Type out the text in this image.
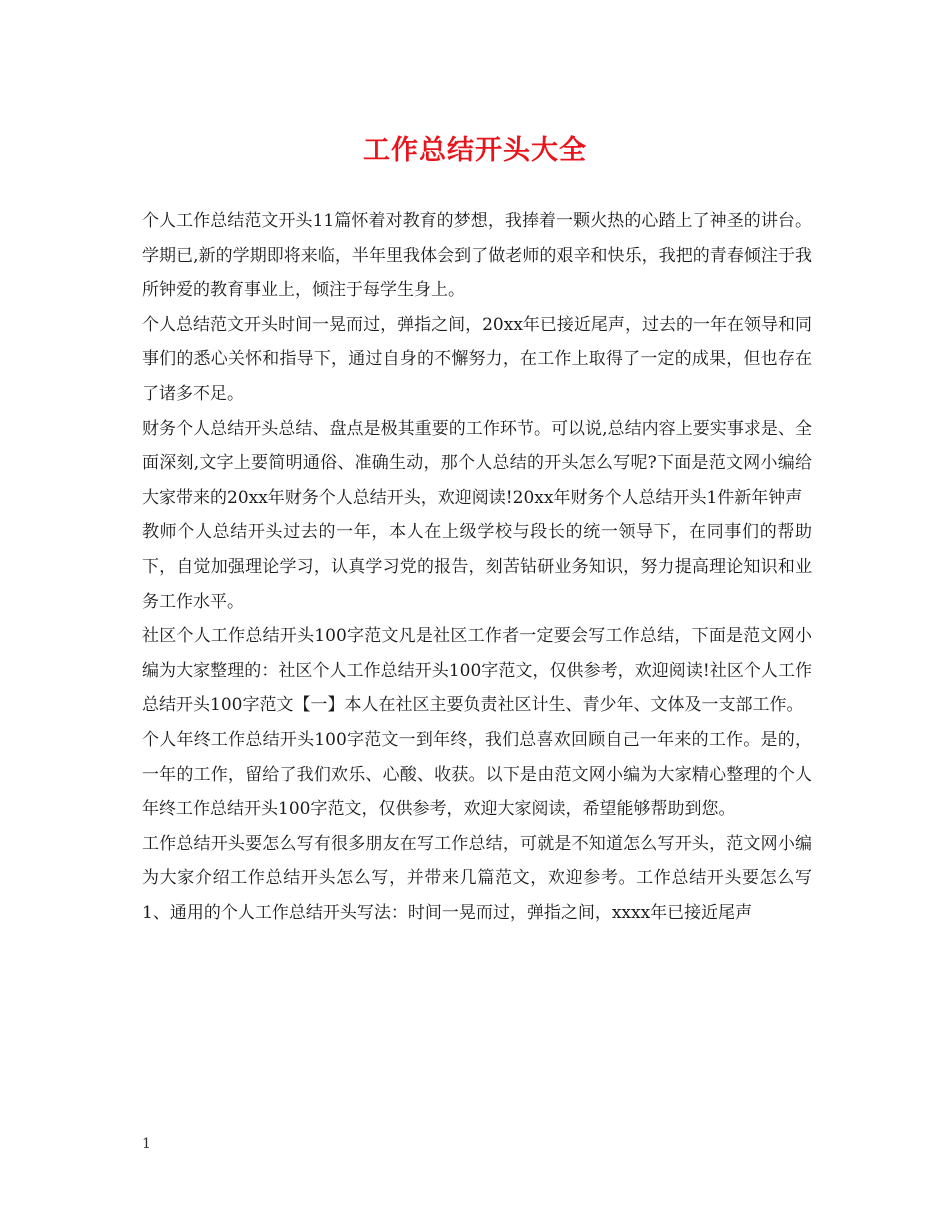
工作总结开头大全

个人工作总结范文开头11篇怀着对教育的梦想，我捧着一颗火热的心踏上了神圣的讲台。学期已,新的学期即将来临，半年里我体会到了做老师的艰辛和快乐，我把的青春倾注于我所钟爱的教育事业上，倾注于每学生身上。

个人总结范文开头时间一晃而过，弹指之间，20xx年已接近尾声，过去的一年在领导和同事们的悉心关怀和指导下，通过自身的不懈努力，在工作上取得了一定的成果，但也存在了诸多不足。

财务个人总结开头总结、盘点是极其重要的工作环节。可以说,总结内容上要实事求是、全面深刻,文字上要简明通俗、准确生动，那个人总结的开头怎么写呢?下面是范文网小编给大家带来的20xx年财务个人总结开头，欢迎阅读!20xx年财务个人总结开头1件新年钟声

教师个人总结开头过去的一年，本人在上级学校与段长的统一领导下，在同事们的帮助下，自觉加强理论学习，认真学习党的报告，刻苦钻研业务知识，努力提高理论知识和业务工作水平。

社区个人工作总结开头100字范文凡是社区工作者一定要会写工作总结，下面是范文网小编为大家整理的：社区个人工作总结开头100字范文，仅供参考，欢迎阅读!社区个人工作总结开头100字范文【一】本人在社区主要负责社区计生、青少年、文体及一支部工作。

个人年终工作总结开头100字范文一到年终，我们总喜欢回顾自己一年来的工作。是的，一年的工作，留给了我们欢乐、心酸、收获。以下是由范文网小编为大家精心整理的个人年终工作总结开头100字范文，仅供参考，欢迎大家阅读，希望能够帮助到您。

工作总结开头要怎么写有很多朋友在写工作总结，可就是不知道怎么写开头，范文网小编为大家介绍工作总结开头怎么写，并带来几篇范文，欢迎参考。工作总结开头要怎么写1、通用的个人工作总结开头写法：时间一晃而过，弹指之间，xxxx年已接近尾声

1
